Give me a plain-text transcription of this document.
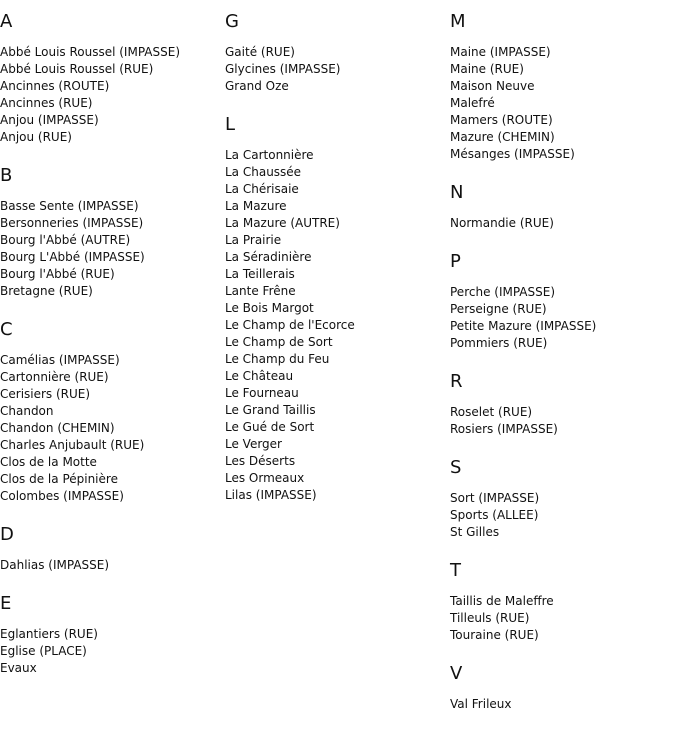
A
Abbé Louis Roussel (IMPASSE)
Abbé Louis Roussel (RUE)
Ancinnes (ROUTE)
Ancinnes (RUE)
Anjou (IMPASSE)
Anjou (RUE)
B
Basse Sente (IMPASSE)
Bersonneries (IMPASSE)
Bourg l'Abbé (AUTRE)
Bourg L'Abbé (IMPASSE)
Bourg l'Abbé (RUE)
Bretagne (RUE)
C
Camélias (IMPASSE)
Cartonnière (RUE)
Cerisiers (RUE)
Chandon
Chandon (CHEMIN)
Charles Anjubault (RUE)
Clos de la Motte
Clos de la Pépinière
Colombes (IMPASSE)
D
Dahlias (IMPASSE)
E
Eglantiers (RUE)
Eglise (PLACE)
Evaux
G
Gaité (RUE)
Glycines (IMPASSE)
Grand Oze
L
La Cartonnière
La Chaussée
La Chérisaie
La Mazure
La Mazure (AUTRE)
La Prairie
La Séradinière
La Teillerais
Lante Frêne
Le Bois Margot
Le Champ de l'Ecorce
Le Champ de Sort
Le Champ du Feu
Le Château
Le Fourneau
Le Grand Taillis
Le Gué de Sort
Le Verger
Les Déserts
Les Ormeaux
Lilas (IMPASSE)
M
Maine (IMPASSE)
Maine (RUE)
Maison Neuve
Malefré
Mamers (ROUTE)
Mazure (CHEMIN)
Mésanges (IMPASSE)
N
Normandie (RUE)
P
Perche (IMPASSE)
Perseigne (RUE)
Petite Mazure (IMPASSE)
Pommiers (RUE)
R
Roselet (RUE)
Rosiers (IMPASSE)
S
Sort (IMPASSE)
Sports (ALLEE)
St Gilles
T
Taillis de Maleffre
Tilleuls (RUE)
Touraine (RUE)
V
Val Frileux
